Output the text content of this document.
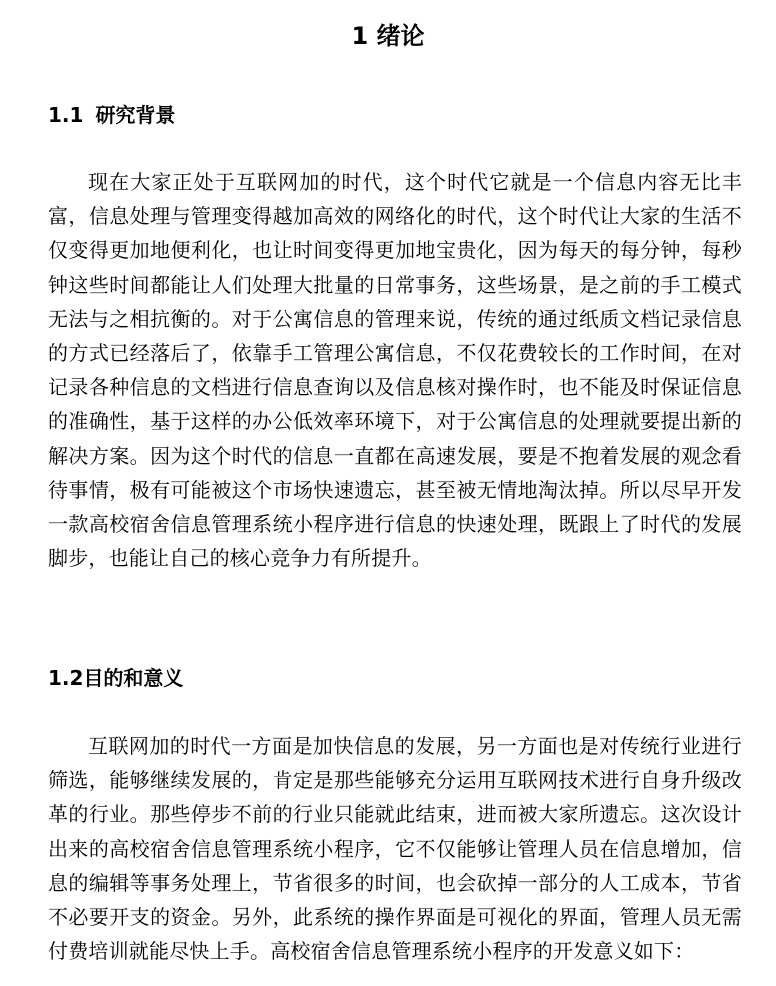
1 绪论
1.1 研究背景

现在大家正处于互联网加的时代，这个时代它就是一个信息内容无比丰富，信息处理与管理变得越加高效的网络化的时代，这个时代让大家的生活不仅变得更加地便利化，也让时间变得更加地宝贵化，因为每天的每分钟，每秒钟这些时间都能让人们处理大批量的日常事务，这些场景，是之前的手工模式无法与之相抗衡的。对于公寓信息的管理来说，传统的通过纸质文档记录信息的方式已经落后了，依靠手工管理公寓信息，不仅花费较长的工作时间，在对记录各种信息的文档进行信息查询以及信息核对操作时，也不能及时保证信息的准确性，基于这样的办公低效率环境下，对于公寓信息的处理就要提出新的解决方案。因为这个时代的信息一直都在高速发展，要是不抱着发展的观念看待事情，极有可能被这个市场快速遗忘，甚至被无情地淘汰掉。所以尽早开发一款高校宿舍信息管理系统小程序进行信息的快速处理，既跟上了时代的发展脚步，也能让自己的核心竞争力有所提升。

1.2目的和意义

互联网加的时代一方面是加快信息的发展，另一方面也是对传统行业进行筛选，能够继续发展的，肯定是那些能够充分运用互联网技术进行自身升级改革的行业。那些停步不前的行业只能就此结束，进而被大家所遗忘。这次设计出来的高校宿舍信息管理系统小程序，它不仅能够让管理人员在信息增加，信息的编辑等事务处理上，节省很多的时间，也会砍掉一部分的人工成本，节省不必要开支的资金。另外，此系统的操作界面是可视化的界面，管理人员无需付费培训就能尽快上手。高校宿舍信息管理系统小程序的开发意义如下：
